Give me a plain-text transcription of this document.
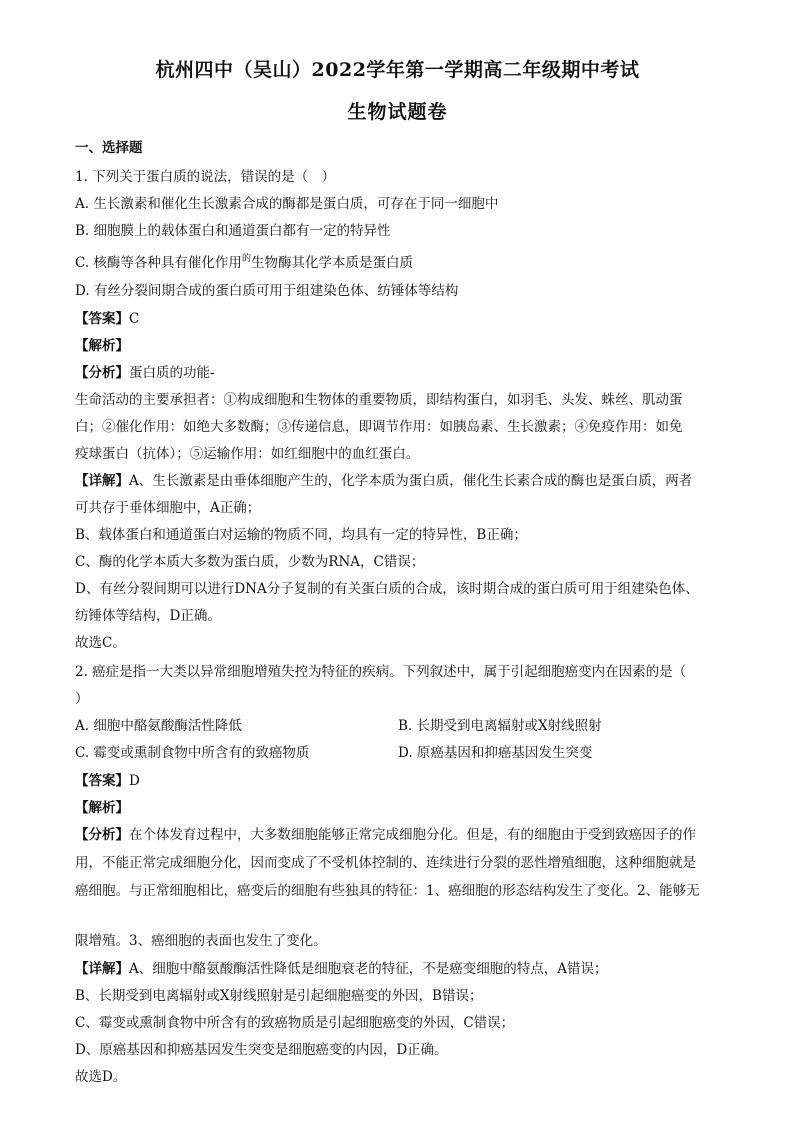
杭州四中（吴山）2022学年第一学期高二年级期中考试
生物试题卷
一、选择题
1. 下列关于蛋白质的说法，错误的是（　）
A. 生长激素和催化生长激素合成的酶都是蛋白质，可存在于同一细胞中
B. 细胞膜上的载体蛋白和通道蛋白都有一定的特异性
C. 核酶等各种具有催化作用$^的$生物酶其化学本质是蛋白质
D. 有丝分裂间期合成的蛋白质可用于组建染色体、纺锤体等结构
【答案】C
【解析】
【分析】蛋白质的功能-
生命活动的主要承担者：①构成细胞和生物体的重要物质，即结构蛋白，如羽毛、头发、蛛丝、肌动蛋
白；②催化作用：如绝大多数酶；③传递信息，即调节作用：如胰岛素、生长激素；④免疫作用：如免
疫球蛋白（抗体）；⑤运输作用：如红细胞中的血红蛋白。
【详解】A、生长激素是由垂体细胞产生的，化学本质为蛋白质，催化生长素合成的酶也是蛋白质，两者
可共存于垂体细胞中，A正确；
B、载体蛋白和通道蛋白对运输的物质不同，均具有一定的特异性，B正确；
C、酶的化学本质大多数为蛋白质，少数为RNA，C错误；
D、有丝分裂间期可以进行DNA分子复制的有关蛋白质的合成，该时期合成的蛋白质可用于组建染色体、
纺锤体等结构，D正确。
故选C。
2. 癌症是指一大类以异常细胞增殖失控为特征的疾病。下列叙述中，属于引起细胞癌变内在因素的是（
）
A. 细胞中酪氨酸酶活性降低	B. 长期受到电离辐射或X射线照射
C. 霉变或熏制食物中所含有的致癌物质	D. 原癌基因和抑癌基因发生突变
【答案】D
【解析】
【分析】在个体发育过程中，大多数细胞能够正常完成细胞分化。但是，有的细胞由于受到致癌因子的作
用，不能正常完成细胞分化，因而变成了不受机体控制的、连续进行分裂的恶性增殖细胞，这种细胞就是
癌细胞。与正常细胞相比，癌变后的细胞有些独具的特征：1、癌细胞的形态结构发生了变化。2、能够无
限增殖。3、癌细胞的表面也发生了变化。
【详解】A、细胞中酪氨酸酶活性降低是细胞衰老的特征，不是癌变细胞的特点，A错误；
B、长期受到电离辐射或X射线照射是引起细胞癌变的外因，B错误；
C、霉变或熏制食物中所含有的致癌物质是引起细胞癌变的外因，C错误；
D、原癌基因和抑癌基因发生突变是细胞癌变的内因，D正确。
故选D。
